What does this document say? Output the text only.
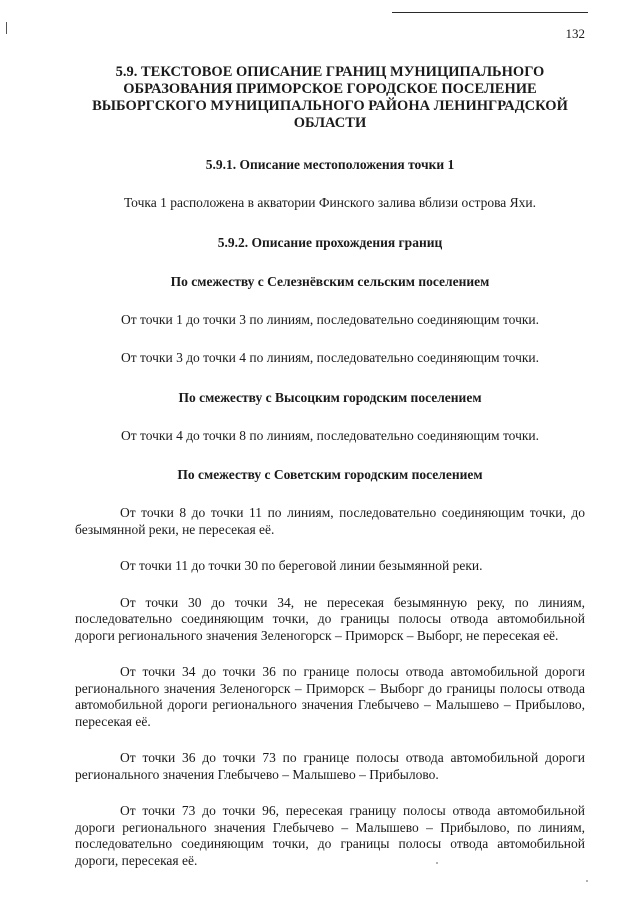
132
5.9. ТЕКСТОВОЕ ОПИСАНИЕ ГРАНИЦ МУНИЦИПАЛЬНОГО ОБРАЗОВАНИЯ ПРИМОРСКОЕ ГОРОДСКОЕ ПОСЕЛЕНИЕ ВЫБОРГСКОГО МУНИЦИПАЛЬНОГО РАЙОНА ЛЕНИНГРАДСКОЙ ОБЛАСТИ

5.9.1. Описание местоположения точки 1

Точка 1 расположена в акватории Финского залива вблизи острова Яхи.

5.9.2. Описание прохождения границ

По смежеству с Селезнёвским сельским поселением

От точки 1 до точки 3 по линиям, последовательно соединяющим точки.

От точки 3 до точки 4 по линиям, последовательно соединяющим точки.

По смежеству с Высоцким городским поселением

От точки 4 до точки 8 по линиям, последовательно соединяющим точки.

По смежеству с Советским городским поселением

От точки 8 до точки 11 по линиям, последовательно соединяющим точки, до безымянной реки, не пересекая её.

От точки 11 до точки 30 по береговой линии безымянной реки.

От точки 30 до точки 34, не пересекая безымянную реку, по линиям, последовательно соединяющим точки, до границы полосы отвода автомобильной дороги регионального значения Зеленогорск – Приморск – Выборг, не пересекая её.

От точки 34 до точки 36 по границе полосы отвода автомобильной дороги регионального значения Зеленогорск – Приморск – Выборг до границы полосы отвода автомобильной дороги регионального значения Глебычево – Малышево – Прибылово, пересекая её.

От точки 36 до точки 73 по границе полосы отвода автомобильной дороги регионального значения Глебычево – Малышево – Прибылово.

От точки 73 до точки 96, пересекая границу полосы отвода автомобильной дороги регионального значения Глебычево – Малышево – Прибылово, по линиям, последовательно соединяющим точки, до границы полосы отвода автомобильной дороги, пересекая её.
